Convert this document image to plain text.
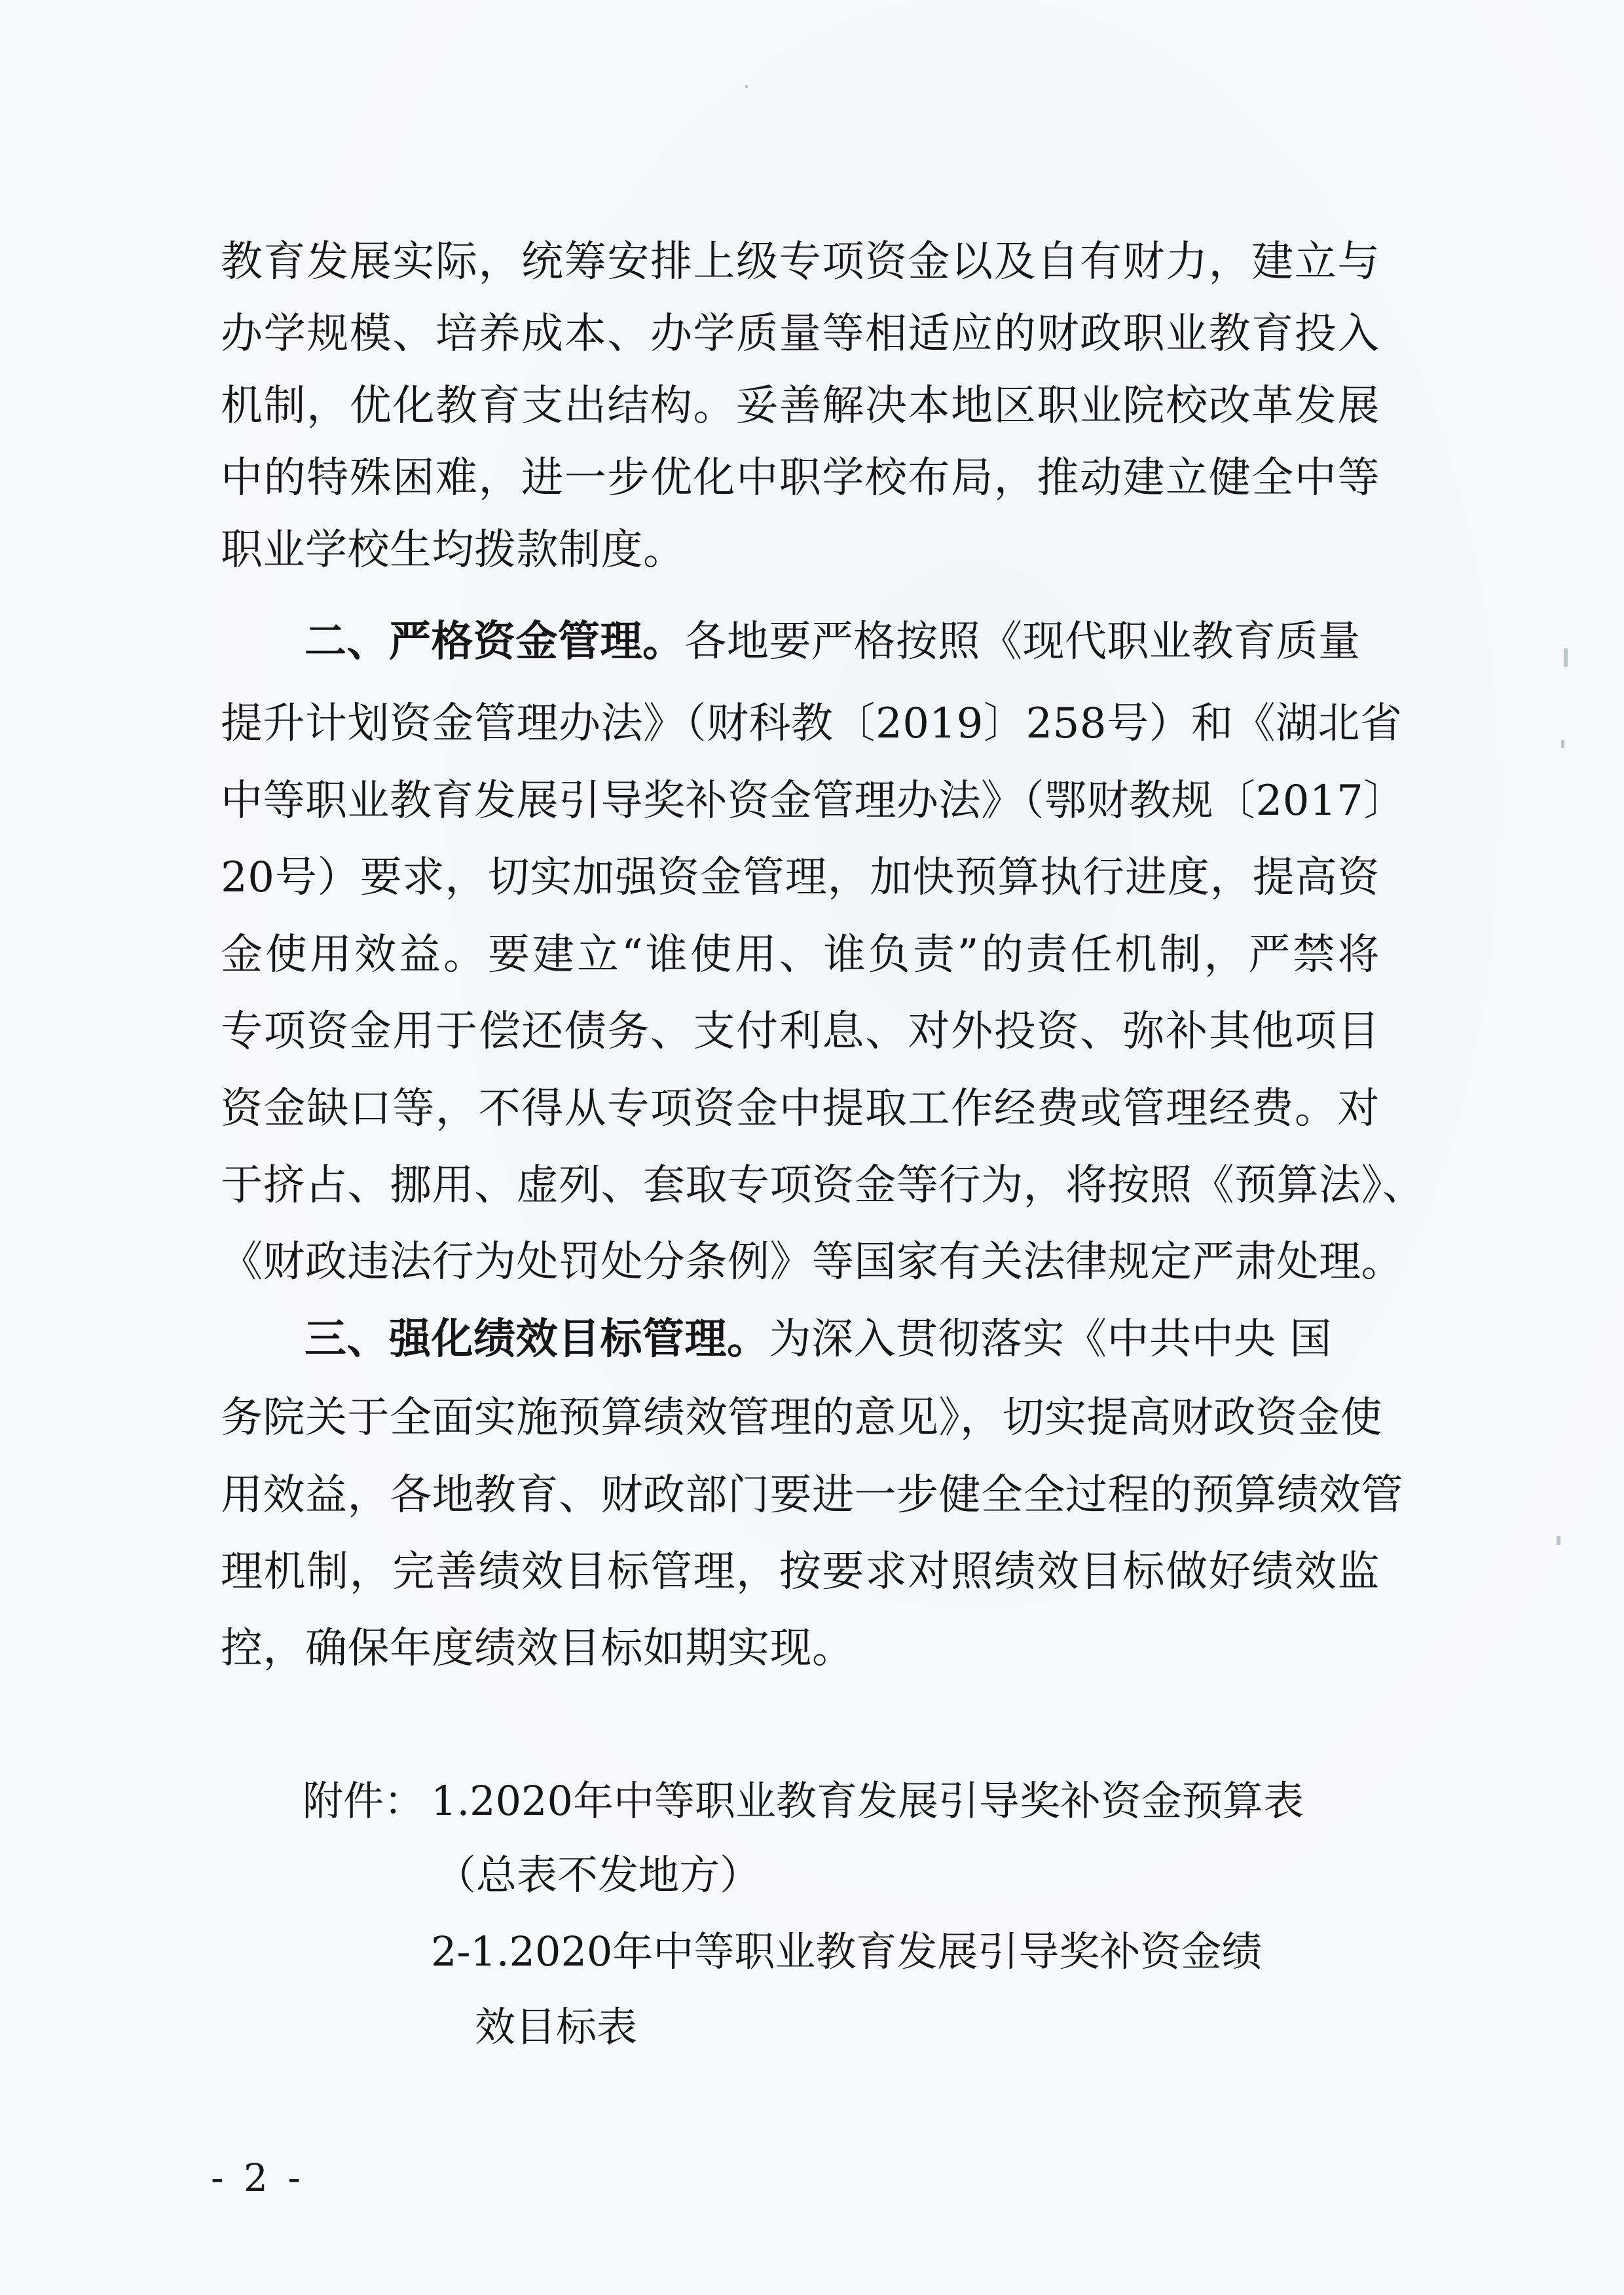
教育发展实际，统筹安排上级专项资金以及自有财力，建立与
办学规模、培养成本、办学质量等相适应的财政职业教育投入
机制，优化教育支出结构。妥善解决本地区职业院校改革发展
中的特殊困难，进一步优化中职学校布局，推动建立健全中等
职业学校生均拨款制度。
二、严格资金管理。各地要严格按照《现代职业教育质量
提升计划资金管理办法》（财科教〔2019〕258号）和《湖北省
中等职业教育发展引导奖补资金管理办法》（鄂财教规〔2017〕
20号）要求，切实加强资金管理，加快预算执行进度，提高资
金使用效益。要建立“谁使用、谁负责”的责任机制，严禁将
专项资金用于偿还债务、支付利息、对外投资、弥补其他项目
资金缺口等，不得从专项资金中提取工作经费或管理经费。对
于挤占、挪用、虚列、套取专项资金等行为，将按照《预算法》、
《财政违法行为处罚处分条例》等国家有关法律规定严肃处理。
三、强化绩效目标管理。为深入贯彻落实《中共中央 国
务院关于全面实施预算绩效管理的意见》，切实提高财政资金使
用效益，各地教育、财政部门要进一步健全全过程的预算绩效管
理机制，完善绩效目标管理，按要求对照绩效目标做好绩效监
控，确保年度绩效目标如期实现。
附件： 1.2020年中等职业教育发展引导奖补资金预算表
（总表不发地方）
2-1.2020年中等职业教育发展引导奖补资金绩
效目标表
- 2 -
